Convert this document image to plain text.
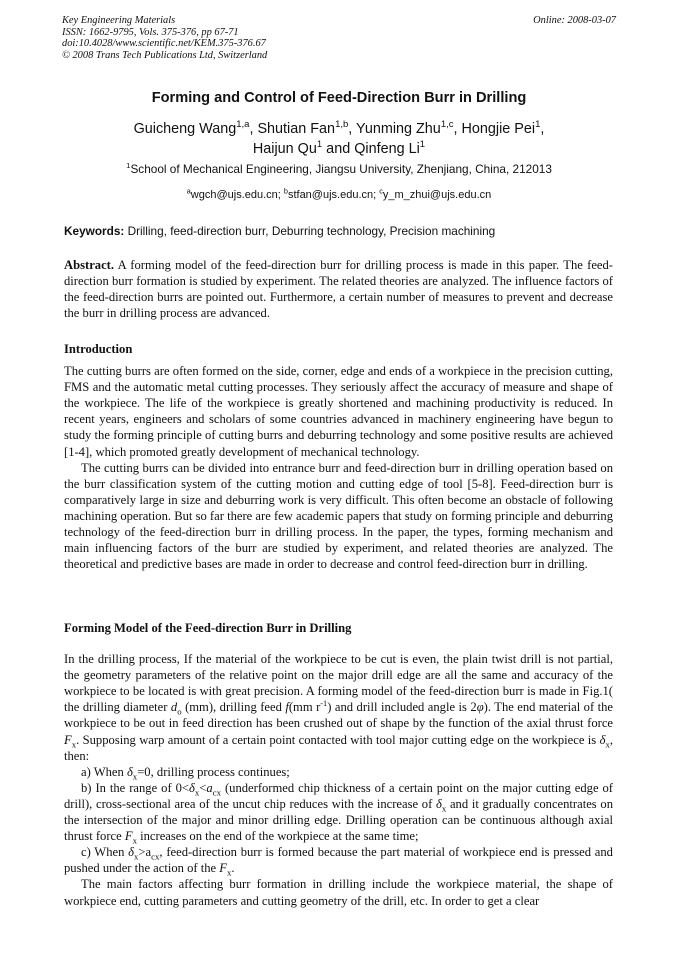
Key Engineering Materials
ISSN: 1662-9795, Vols. 375-376, pp 67-71
doi:10.4028/www.scientific.net/KEM.375-376.67
© 2008 Trans Tech Publications Ltd, Switzerland
Online: 2008-03-07
Forming and Control of Feed-Direction Burr in Drilling
Guicheng Wang$^{1,a}$, Shutian Fan$^{1,b}$, Yunming Zhu$^{1,c}$, Hongjie Pei$^1$,
Haijun Qu$^1$ and Qinfeng Li$^1$
$^1$School of Mechanical Engineering, Jiangsu University, Zhenjiang, China, 212013
$^a$wgch@ujs.edu.cn; $^b$stfan@ujs.edu.cn; $^c$y_m_zhui@ujs.edu.cn
Keywords: Drilling, feed-direction burr, Deburring technology, Precision machining

Abstract. A forming model of the feed-direction burr for drilling process is made in this paper. The feed-direction burr formation is studied by experiment. The related theories are analyzed. The influence factors of the feed-direction burrs are pointed out. Furthermore, a certain number of measures to prevent and decrease the burr in drilling process are advanced.

Introduction

The cutting burrs are often formed on the side, corner, edge and ends of a workpiece in the precision cutting, FMS and the automatic metal cutting processes. They seriously affect the accuracy of measure and shape of the workpiece. The life of the workpiece is greatly shortened and machining productivity is reduced. In recent years, engineers and scholars of some countries advanced in machinery engineering have begun to study the forming principle of cutting burrs and deburring technology and some positive results are achieved [1-4], which promoted greatly development of mechanical technology.

The cutting burrs can be divided into entrance burr and feed-direction burr in drilling operation based on the burr classification system of the cutting motion and cutting edge of tool [5-8]. Feed-direction burr is comparatively large in size and deburring work is very difficult. This often become an obstacle of following machining operation. But so far there are few academic papers that study on forming principle and deburring technology of the feed-direction burr in drilling process. In the paper, the types, forming mechanism and main influencing factors of the burr are studied by experiment, and related theories are analyzed. The theoretical and predictive bases are made in order to decrease and control feed-direction burr in drilling.

Forming Model of the Feed-direction Burr in Drilling

In the drilling process, If the material of the workpiece to be cut is even, the plain twist drill is not partial, the geometry parameters of the relative point on the major drill edge are all the same and accuracy of the workpiece to be located is with great precision. A forming model of the feed-direction burr is made in Fig.1( the drilling diameter $d_o$ (mm), drilling feed f(mm $r^{-1}$) and drill included angle is 2φ). The end material of the workpiece to be out in feed direction has been crushed out of shape by the function of the axial thrust force $F_x$. Supposing warp amount of a certain point contacted with tool major cutting edge on the workpiece is $\delta_x$, then:

a) When $\delta_x=0$, drilling process continues;

b) In the range of $0<\delta_x<a_{cx}$ (underformed chip thickness of a certain point on the major cutting edge of drill), cross-sectional area of the uncut chip reduces with the increase of $\delta_x$ and it gradually concentrates on the intersection of the major and minor drilling edge. Drilling operation can be continuous although axial thrust force $F_x$ increases on the end of the workpiece at the same time;

c) When $\delta_x>a_{cx}$, feed-direction burr is formed because the part material of workpiece end is pressed and pushed under the action of the $F_x$.

The main factors affecting burr formation in drilling include the workpiece material, the shape of workpiece end, cutting parameters and cutting geometry of the drill, etc. In order to get a clear
